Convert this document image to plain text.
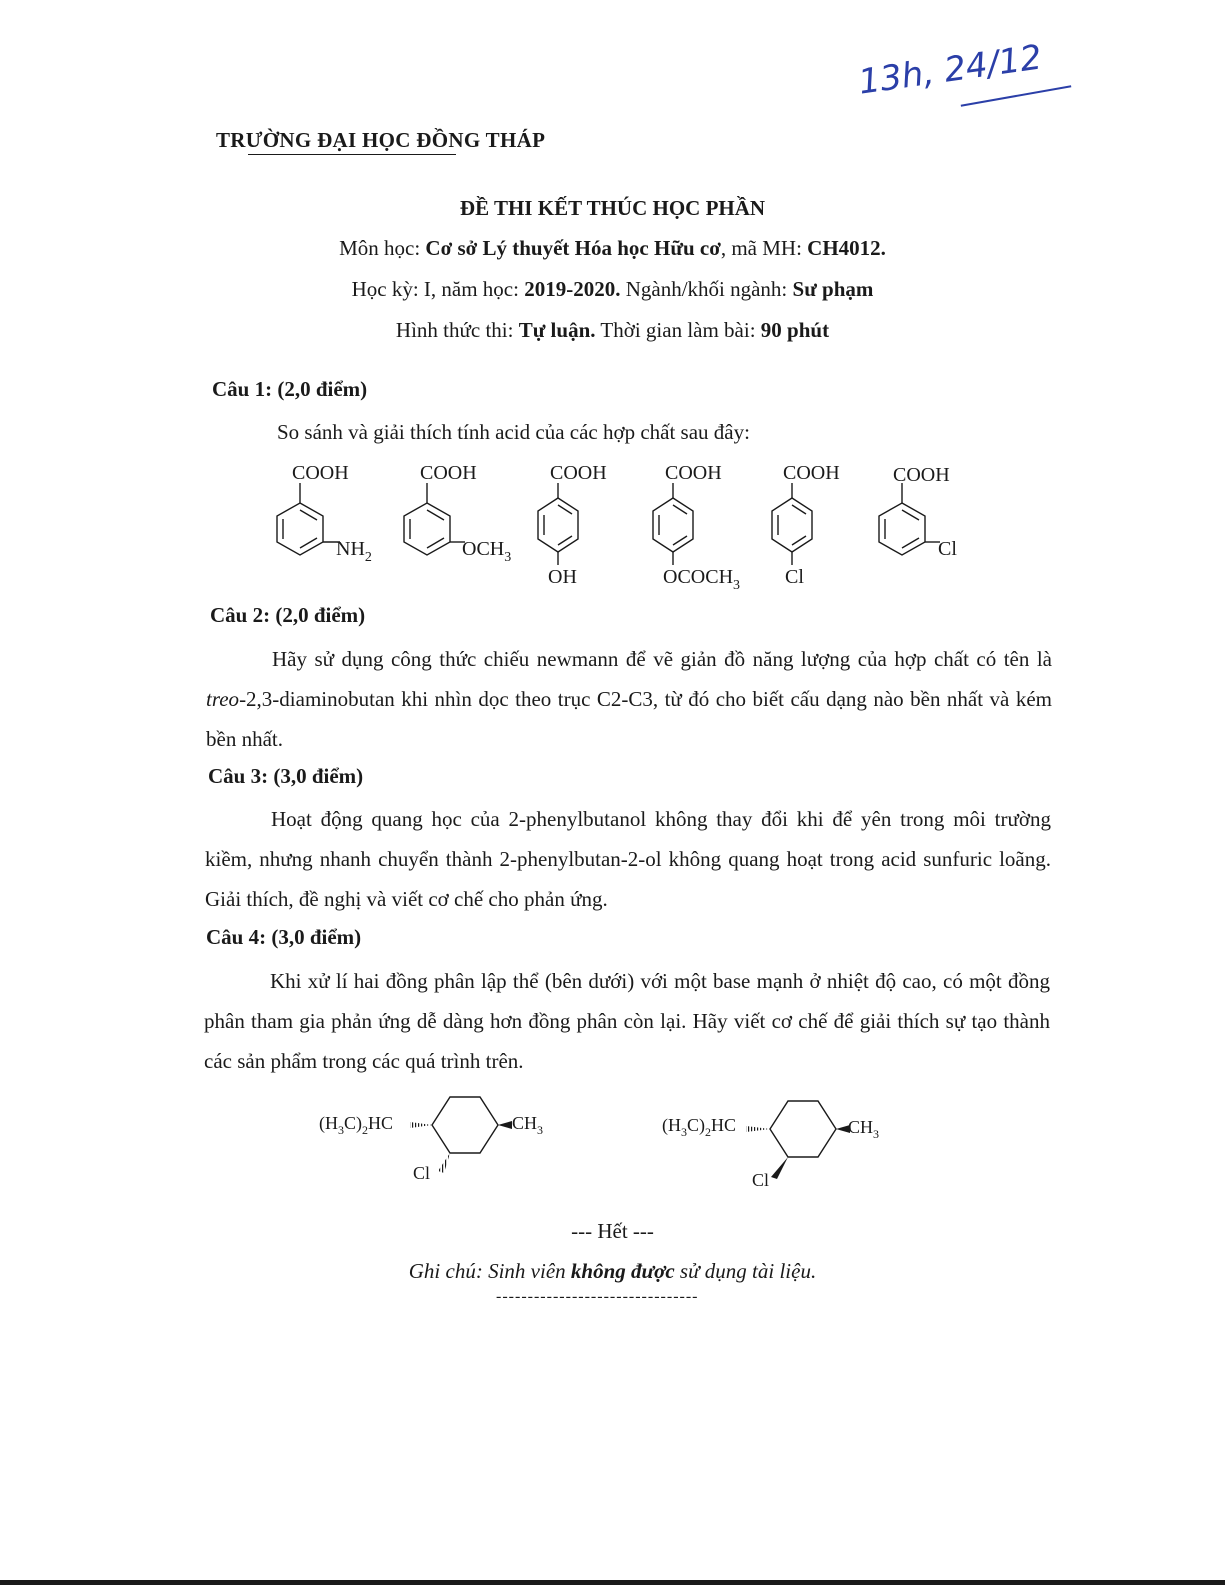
13h, 24/12
TRƯỜNG ĐẠI HỌC ĐỒNG THÁP
ĐỀ THI KẾT THÚC HỌC PHẦN
Môn học: Cơ sở Lý thuyết Hóa học Hữu cơ, mã MH: CH4012.
Học kỳ: I, năm học: 2019-2020. Ngành/khối ngành: Sư phạm
Hình thức thi: Tự luận. Thời gian làm bài: 90 phút
Câu 1: (2,0 điểm)
So sánh và giải thích tính acid của các hợp chất sau đây:
COOH
$NH_2$
COOH
$OCH_3$
COOH
OH
COOH
$OCOCH_3$
COOH
Cl
COOH
Cl
Câu 2: (2,0 điểm)
Hãy sử dụng công thức chiếu newmann để vẽ giản đồ năng lượng của hợp chất có tên là treo-2,3-diaminobutan khi nhìn dọc theo trục C2-C3, từ đó cho biết cấu dạng nào bền nhất và kém bền nhất.
Câu 3: (3,0 điểm)
Hoạt động quang học của 2-phenylbutanol không thay đổi khi để yên trong môi trường kiềm, nhưng nhanh chuyển thành 2-phenylbutan-2-ol không quang hoạt trong acid sunfuric loãng. Giải thích, đề nghị và viết cơ chế cho phản ứng.
Câu 4: (3,0 điểm)
Khi xử lí hai đồng phân lập thể (bên dưới) với một base mạnh ở nhiệt độ cao, có một đồng phân tham gia phản ứng dễ dàng hơn đồng phân còn lại. Hãy viết cơ chế để giải thích sự tạo thành các sản phẩm trong các quá trình trên.
$(H_3C)_2HC$	$CH_3$
Cl
$(H_3C)_2HC$	$CH_3$
Cl
--- Hết ---
Ghi chú: Sinh viên không được sử dụng tài liệu.
--------------------------------
